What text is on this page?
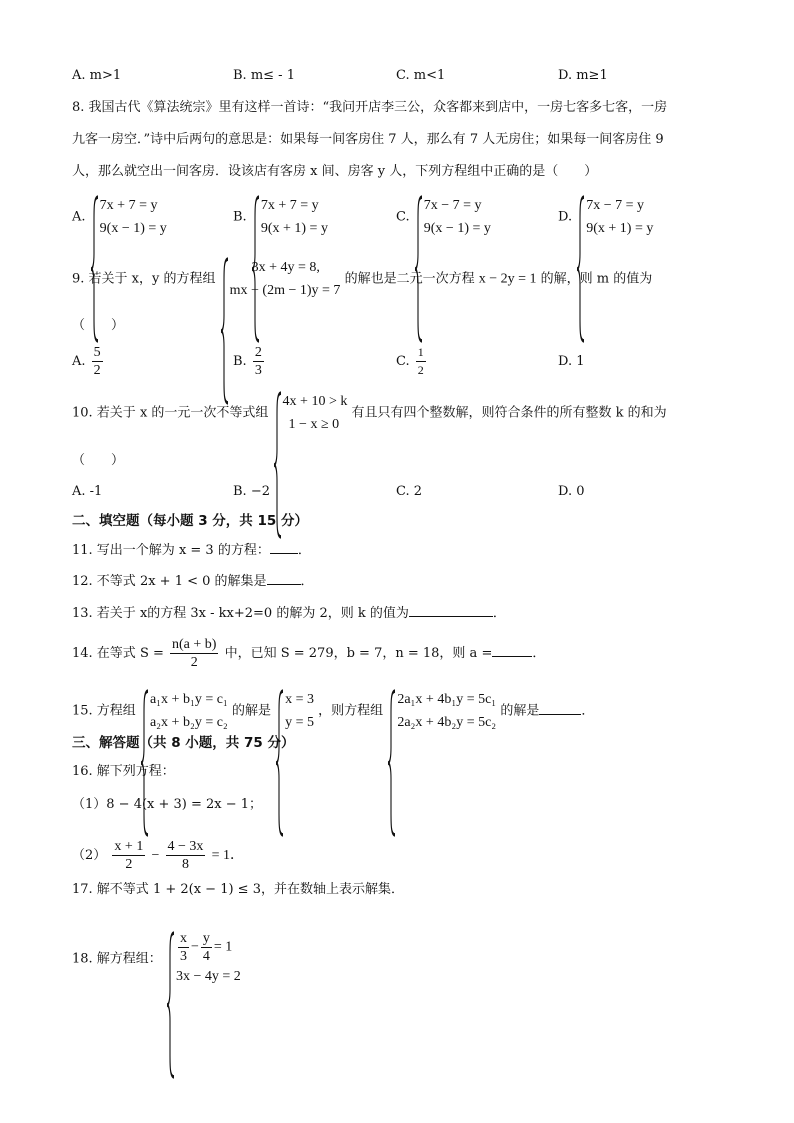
A. m>1	B. m≤ - 1	C. m<1	D. m≥1
8. 我国古代《算法统宗》里有这样一首诗：“我问开店李三公，众客都来到店中，一房七客多七客，一房
九客一房空．”诗中后两句的意思是：如果每一间客房住 7 人，那么有 7 人无房住；如果每一间客房住 9
人，那么就空出一间客房．设该店有客房 x 间、房客 y 人，下列方程组中正确的是（　　）
A.
7x + 7 = y
9(x − 1) = y
B.
7x + 7 = y
9(x + 1) = y
C.
7x − 7 = y
9(x − 1) = y
D.
7x − 7 = y
9(x + 1) = y
9. 若关于 x，y 的方程组
3x + 4y = 8,
mx + (2m − 1)y = 7
的解也是二元一次方程 x − 2y = 1 的解，则 m 的值为
（　　）
A. $\frac{5}{2}$	B. $\frac{2}{3}$	C. $\frac{1}{2}$	D. 1
10. 若关于 x 的一元一次不等式组
4x + 10 > k
1 − x ≥ 0
有且只有四个整数解，则符合条件的所有整数 k 的和为
（　　）
A. -1	B. −2	C. 2	D. 0
二、填空题（每小题 3 分，共 15 分）
11. 写出一个解为 x = 3 的方程： ．
12. 不等式 2x + 1 < 0 的解集是	．
13. 若关于 x的方程 3x - kx+2=0 的解为 2，则 k 的值为	．
14. 在等式 $S = \frac{n(a + b)}{2}$ 中，已知 S = 279，b = 7，n = 18，则 a =	．
15. 方程组
a₁x + b₁y = c₁
a₂x + b₂y = c₂
的解是
x = 3
y = 5
，则方程组
2a₁x + 4b₁y = 5c₁
2a₂x + 4b₂y = 5c₂
的解是	．
三、解答题（共 8 小题，共 75 分）
16. 解下列方程：
（1）8 − 4(x + 3) = 2x − 1；
$(2) \frac{x + 1}{2} - \frac{4 - 3x}{8} = 1$．
17. 解不等式 1 + 2(x − 1) ≤ 3，并在数轴上表示解集．
18. 解方程组： $\frac{x}{3} - \frac{y}{4} = 1$
3x − 4y = 2
